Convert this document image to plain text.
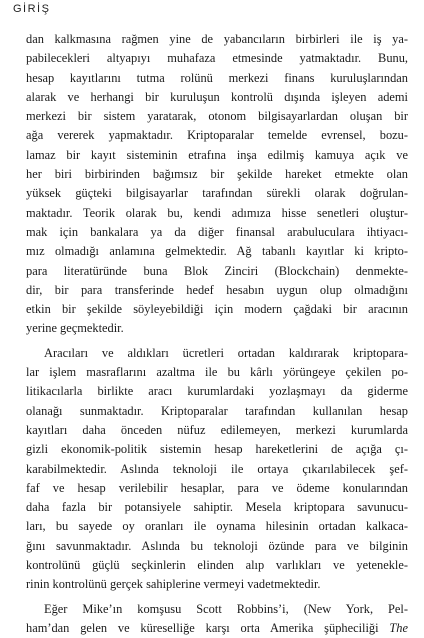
GİRİŞ
dan kalkmasına rağmen yine de yabancıların birbirleri ile iş ya-
pabilecekleri altyapıyı muhafaza etmesinde yatmaktadır. Bunu,
hesap kayıtlarını tutma rolünü merkezi finans kuruluşlarından
alarak ve herhangi bir kuruluşun kontrolü dışında işleyen ademi
merkezi bir sistem yaratarak, otonom bilgisayarlardan oluşan bir
ağa vererek yapmaktadır. Kriptoparalar temelde evrensel, bozu-
lamaz bir kayıt sisteminin etrafına inşa edilmiş kamuya açık ve
her biri birbirinden bağımsız bir şekilde hareket etmekte olan
yüksek güçteki bilgisayarlar tarafından sürekli olarak doğrulan-
maktadır. Teorik olarak bu, kendi adımıza hisse senetleri oluştur-
mak için bankalara ya da diğer finansal arabuluculara ihtiyacı-
mız olmadığı anlamına gelmektedir. Ağ tabanlı kayıtlar ki kripto-
para literatüründe buna Blok Zinciri (Blockchain) denmekte-
dir, bir para transferinde hedef hesabın uygun olup olmadığını
etkin bir şekilde söyleyebildiği için modern çağdaki bir aracının
yerine geçmektedir.
Aracıları ve aldıkları ücretleri ortadan kaldırarak kriptopara-
lar işlem masraflarını azaltma ile bu kârlı yörüngeye çekilen po-
litikacılarla birlikte aracı kurumlardaki yozlaşmayı da giderme
olanağı sunmaktadır. Kriptoparalar tarafından kullanılan hesap
kayıtları daha önceden nüfuz edilemeyen, merkezi kurumlarda
gizli ekonomik-politik sistemin hesap hareketlerini de açığa çı-
karabilmektedir. Aslında teknoloji ile ortaya çıkarılabilecek şef-
faf ve hesap verilebilir hesaplar, para ve ödeme konularından
daha fazla bir potansiyele sahiptir. Mesela kriptopara savunucu-
ları, bu sayede oy oranları ile oynama hilesinin ortadan kalkaca-
ğını savunmaktadır. Aslında bu teknoloji özünde para ve bilginin
kontrolünü güçlü seçkinlerin elinden alıp varlıkları ve yetenekle-
rinin kontrolünü gerçek sahiplerine vermeyi vadetmektedir.
Eğer Mike’ın komşusu Scott Robbins’i, (New York, Pel-
ham’dan gelen ve küreselliğe karşı orta Amerika şüpheciliği The
